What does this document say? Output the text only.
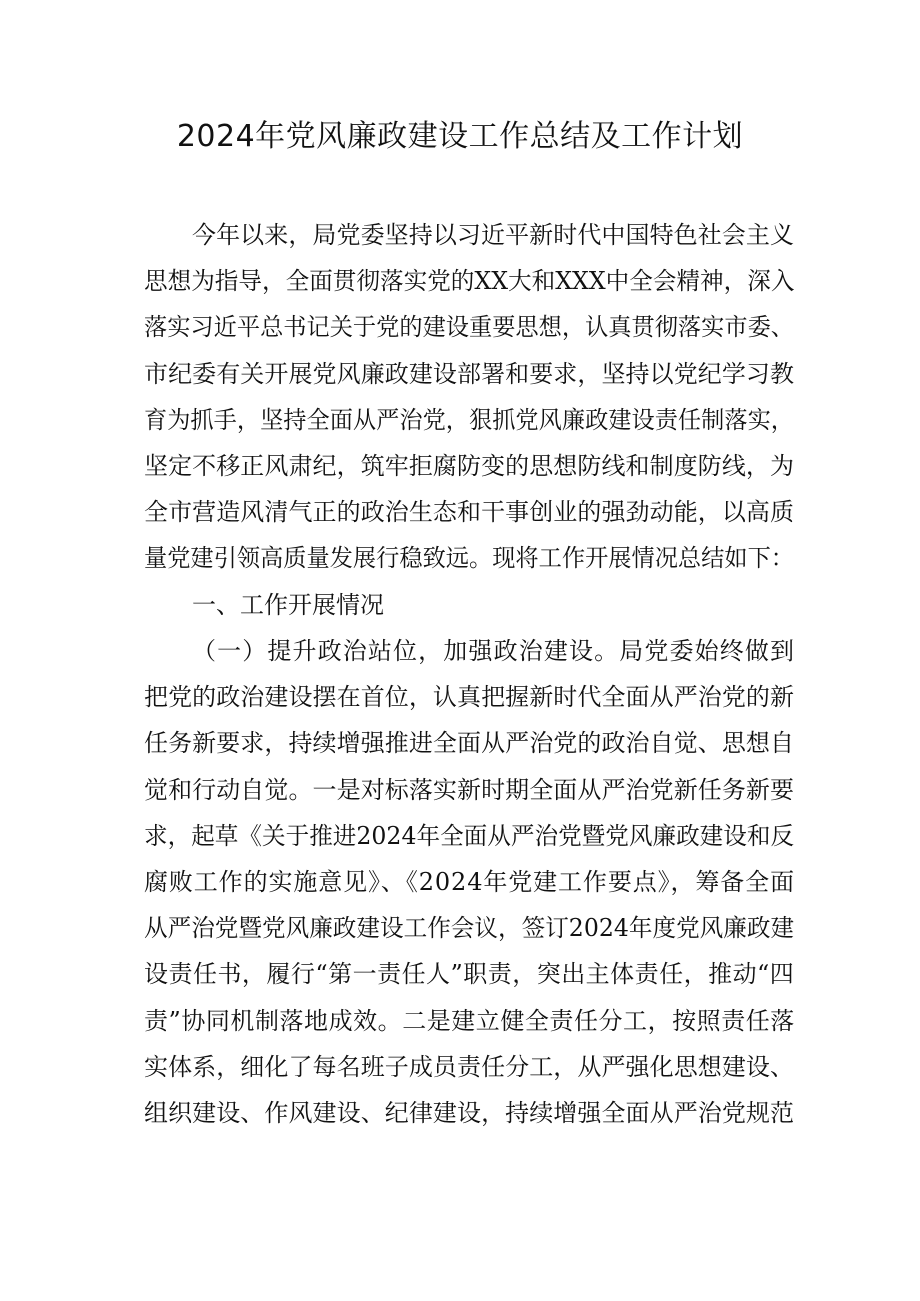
2024年党风廉政建设工作总结及工作计划
今年以来，局党委坚持以习近平新时代中国特色社会主义
思想为指导，全面贯彻落实党的XX大和XXX中全会精神，深入
落实习近平总书记关于党的建设重要思想，认真贯彻落实市委、
市纪委有关开展党风廉政建设部署和要求，坚持以党纪学习教
育为抓手，坚持全面从严治党，狠抓党风廉政建设责任制落实，
坚定不移正风肃纪，筑牢拒腐防变的思想防线和制度防线，为
全市营造风清气正的政治生态和干事创业的强劲动能，以高质
量党建引领高质量发展行稳致远。现将工作开展情况总结如下：
一、工作开展情况
（一）提升政治站位，加强政治建设。局党委始终做到
把党的政治建设摆在首位，认真把握新时代全面从严治党的新
任务新要求，持续增强推进全面从严治党的政治自觉、思想自
觉和行动自觉。一是对标落实新时期全面从严治党新任务新要
求，起草《关于推进2024年全面从严治党暨党风廉政建设和反
腐败工作的实施意见》、《2024年党建工作要点》，筹备全面
从严治党暨党风廉政建设工作会议，签订2024年度党风廉政建
设责任书，履行“第一责任人”职责，突出主体责任，推动“四
责”协同机制落地成效。二是建立健全责任分工，按照责任落
实体系，细化了每名班子成员责任分工，从严强化思想建设、
组织建设、作风建设、纪律建设，持续增强全面从严治党规范
